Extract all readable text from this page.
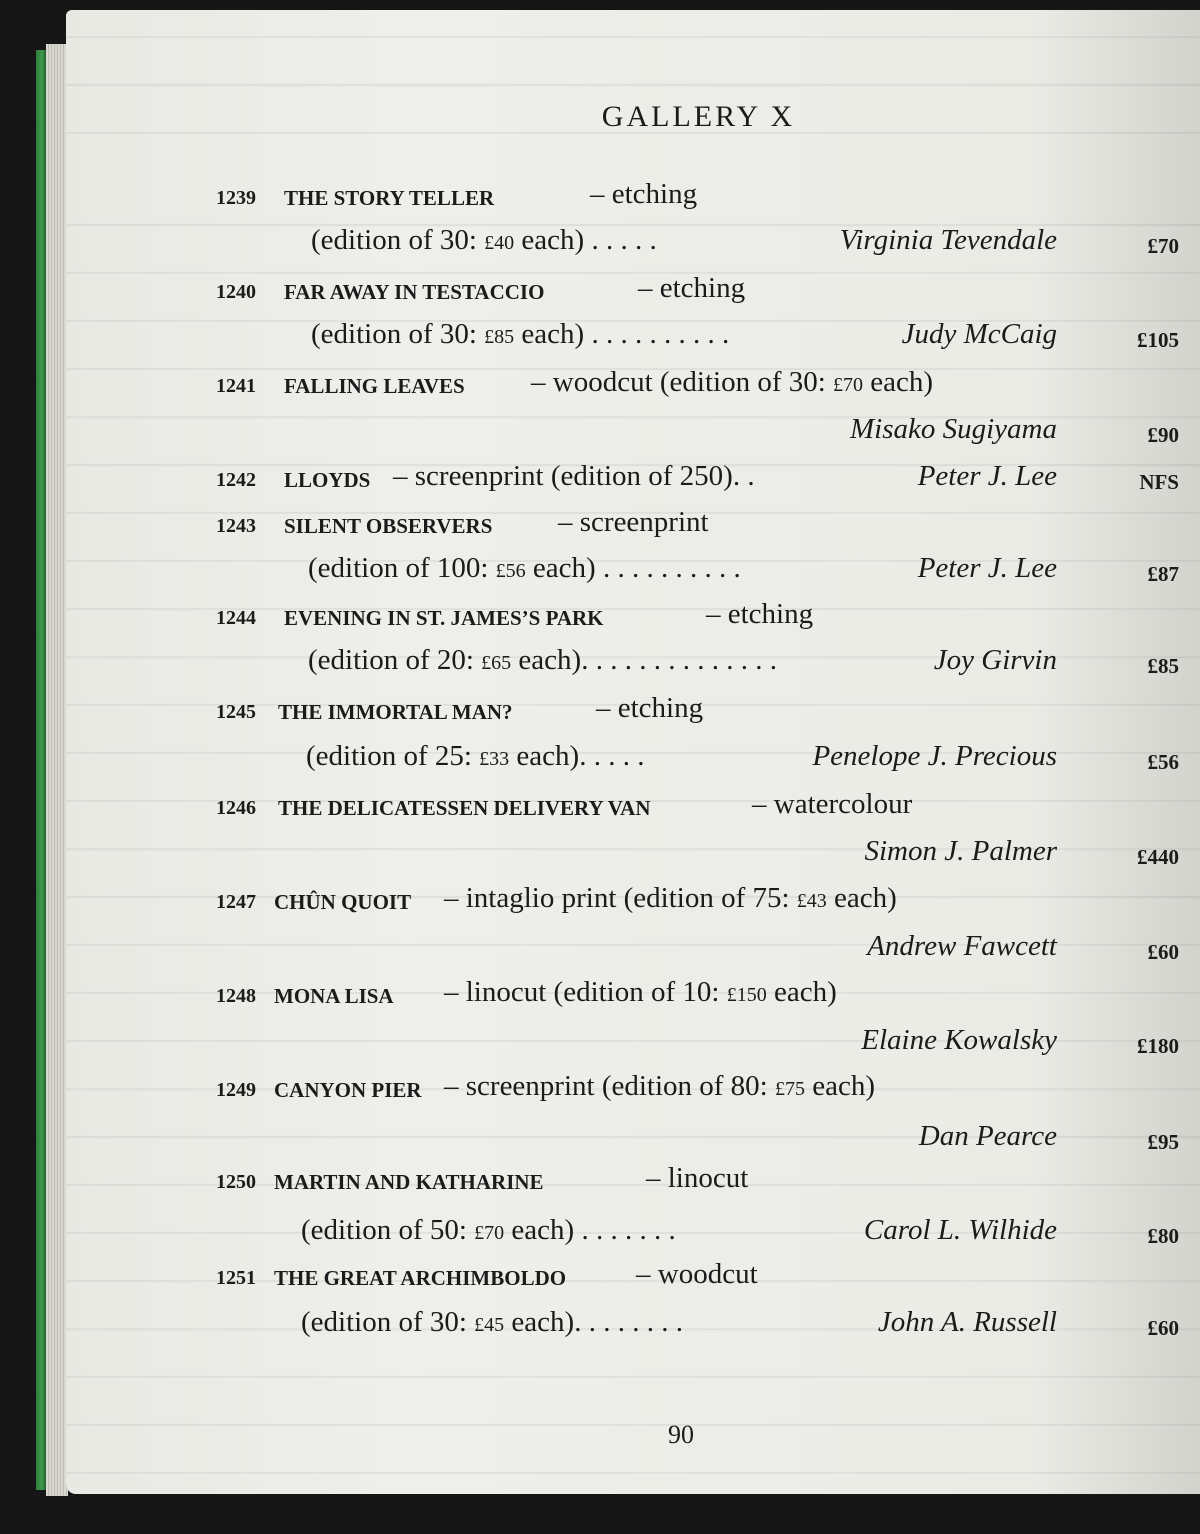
GALLERY X
1239 THE STORY TELLER	– etching
(edition of 30: £40 each) . . . . .	Virginia Tevendale	£70
1240 FAR AWAY IN TESTACCIO	– etching
(edition of 30: £85 each) . . . . . . . . . .	Judy McCaig	£105
1241 FALLING LEAVES – woodcut (edition of 30: £70 each)
Misako Sugiyama	£90
1242 LLOYDS – screenprint (edition of 250). .	Peter J. Lee	NFS
1243 SILENT OBSERVERS – screenprint
(edition of 100: £56 each) . . . . . . . . . .	Peter J. Lee	£87
1244 EVENING IN ST. JAMES’S PARK	– etching
(edition of 20: £65 each). . . . . . . . . . . . . .	Joy Girvin	£85
1245 THE IMMORTAL MAN?	– etching
(edition of 25: £33 each). . . . .	Penelope J. Precious	£56
1246 THE DELICATESSEN DELIVERY VAN	– watercolour
Simon J. Palmer	£440
1247 CHÛN QUOIT – intaglio print (edition of 75: £43 each)
Andrew Fawcett	£60
1248 MONA LISA – linocut (edition of 10: £150 each)
Elaine Kowalsky	£180
1249 CANYON PIER – screenprint (edition of 80: £75 each)
Dan Pearce	£95
1250 MARTIN AND KATHARINE	– linocut
(edition of 50: £70 each) . . . . . . .	Carol L. Wilhide	£80
1251 THE GREAT ARCHIMBOLDO – woodcut
(edition of 30: £45 each). . . . . . . .	John A. Russell	£60
90
